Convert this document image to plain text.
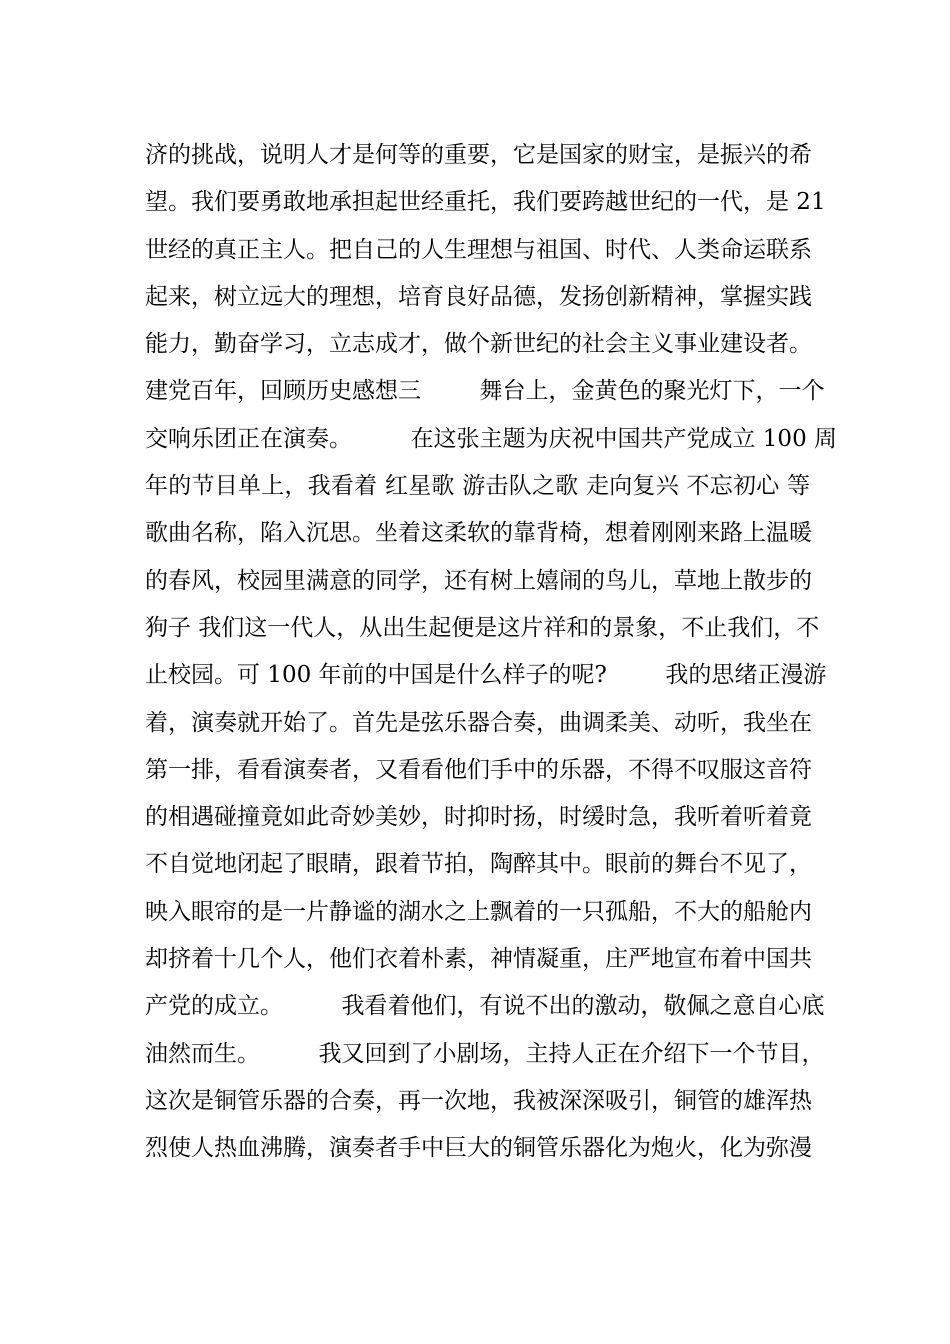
济的挑战，说明人才是何等的重要，它是国家的财宝，是振兴的希
望。我们要勇敢地承担起世经重托，我们要跨越世纪的一代，是 21
世经的真正主人。把自己的人生理想与祖国、时代、人类命运联系
起来，树立远大的理想，培育良好品德，发扬创新精神，掌握实践
能力，勤奋学习，立志成才，做个新世纪的社会主义事业建设者。
建党百年，回顾历史感想三        舞台上，金黄色的聚光灯下，一个
交响乐团正在演奏。        在这张主题为庆祝中国共产党成立 100 周
年的节目单上，我看着 红星歌 游击队之歌 走向复兴 不忘初心 等
歌曲名称，陷入沉思。坐着这柔软的靠背椅，想着刚刚来路上温暖
的春风，校园里满意的同学，还有树上嬉闹的鸟儿，草地上散步的
狗子 我们这一代人，从出生起便是这片祥和的景象，不止我们，不
止校园。可 100 年前的中国是什么样子的呢?        我的思绪正漫游
着，演奏就开始了。首先是弦乐器合奏，曲调柔美、动听，我坐在
第一排，看看演奏者，又看看他们手中的乐器，不得不叹服这音符
的相遇碰撞竟如此奇妙美妙，时抑时扬，时缓时急，我听着听着竟
不自觉地闭起了眼睛，跟着节拍，陶醉其中。眼前的舞台不见了，
映入眼帘的是一片静谧的湖水之上飘着的一只孤船，不大的船舱内
却挤着十几个人，他们衣着朴素，神情凝重，庄严地宣布着中国共
产党的成立。        我看着他们，有说不出的激动，敬佩之意自心底
油然而生。        我又回到了小剧场，主持人正在介绍下一个节目，
这次是铜管乐器的合奏，再一次地，我被深深吸引，铜管的雄浑热
烈使人热血沸腾，演奏者手中巨大的铜管乐器化为炮火，化为弥漫
